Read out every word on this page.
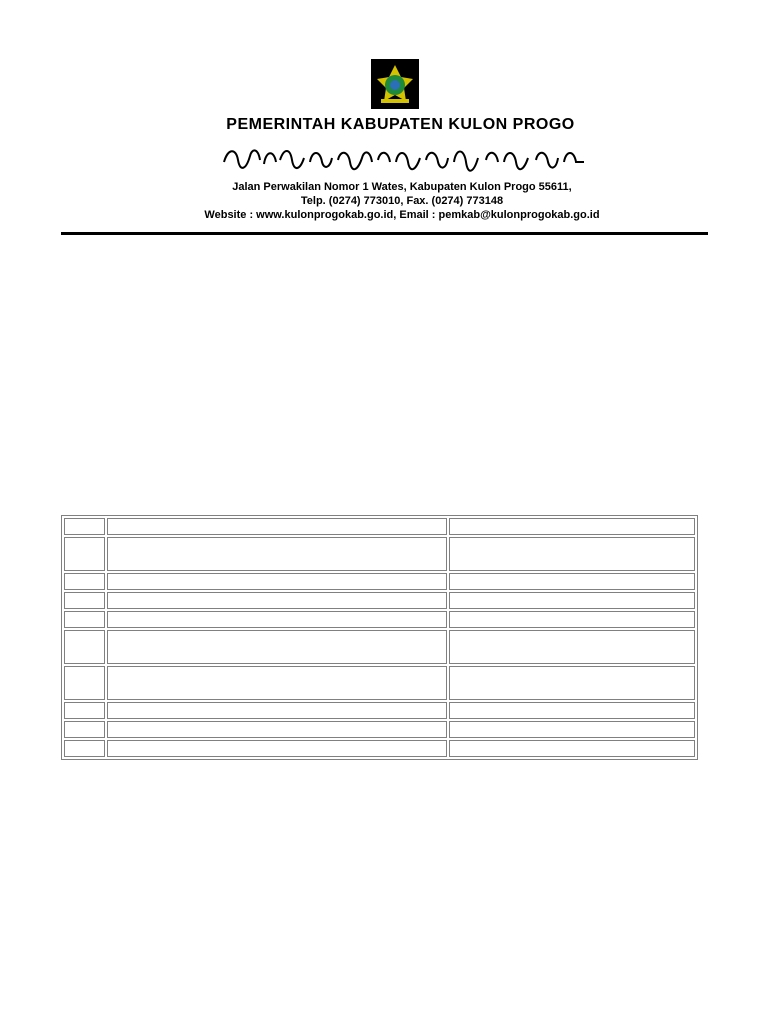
PEMERINTAH KABUPATEN KULON PROGO
Jalan Perwakilan Nomor 1 Wates, Kabupaten Kulon Progo 55611,
Telp. (0274) 773010, Fax. (0274) 773148
Website : www.kulonprogokab.go.id, Email : pemkab@kulonprogokab.go.id
